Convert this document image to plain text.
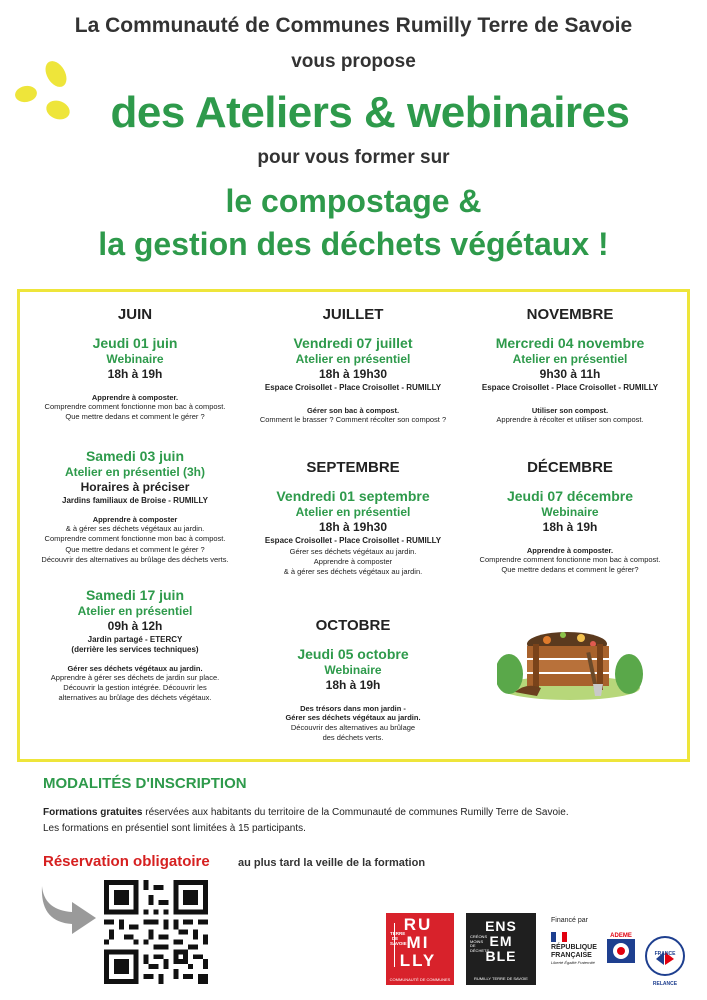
La Communauté de Communes Rumilly Terre de Savoie
vous propose
des Ateliers & webinaires
pour vous former sur
le compostage &
la gestion des déchets végétaux !
JUIN
Jeudi 01 juin
Webinaire
18h à 19h
Apprendre à composter.
Comprendre comment fonctionne mon bac à compost.
Que mettre dedans et comment le gérer ?
Samedi 03 juin
Atelier en présentiel (3h)
Horaires à préciser
Jardins familiaux de Broise - RUMILLY
Apprendre à composter
& à gérer ses déchets végétaux au jardin.
Comprendre comment fonctionne mon bac à compost.
Que mettre dedans et comment le gérer ?
Découvrir des alternatives au brûlage des déchets verts.
Samedi 17 juin
Atelier en présentiel
09h à 12h
Jardin partagé - ETERCY
(derrière les services techniques)
Gérer ses déchets végétaux au jardin.
Apprendre à gérer ses déchets de jardin sur place.
Découvrir la gestion intégrée. Découvrir les
alternatives au brûlage des déchets végétaux.
JUILLET
Vendredi 07 juillet
Atelier en présentiel
18h à 19h30
Espace Croisollet - Place Croisollet - RUMILLY
Gérer son bac à compost.
Comment le brasser ? Comment récolter son compost ?
SEPTEMBRE
Vendredi 01 septembre
Atelier en présentiel
18h à 19h30
Espace Croisollet - Place Croisollet - RUMILLY
Gérer ses déchets végétaux au jardin.
Apprendre à composter
& à gérer ses déchets végétaux au jardin.
OCTOBRE
Jeudi 05 octobre
Webinaire
18h à 19h
Des trésors dans mon jardin -
Gérer ses déchets végétaux au jardin.
Découvrir des alternatives au brûlage
des déchets verts.
NOVEMBRE
Mercredi 04 novembre
Atelier en présentiel
9h30 à 11h
Espace Croisollet - Place Croisollet - RUMILLY
Utiliser son compost.
Apprendre à récolter et utiliser son compost.
DÉCEMBRE
Jeudi 07 décembre
Webinaire
18h à 19h
Apprendre à composter.
Comprendre comment fonctionne mon bac à compost.
Que mettre dedans et comment le gérer?
MODALITÉS D'INSCRIPTION
Formations gratuites réservées aux habitants du territoire de la Communauté de communes Rumilly Terre de Savoie.
Les formations en présentiel sont limitées à 15 participants.
Réservation obligatoire	au plus tard la veille de la formation
RU MI LLY
TERRE DE SAVOIE
COMMUNAUTÉ DE COMMUNES
ENS EM BLE
CRÉONS MOINS DE DÉCHETS
RUMILLY TERRE DE SAVOIE
Financé par
RÉPUBLIQUE FRANÇAISE
Liberté Égalité Fraternité
ADEME
FRANCE RELANCE
